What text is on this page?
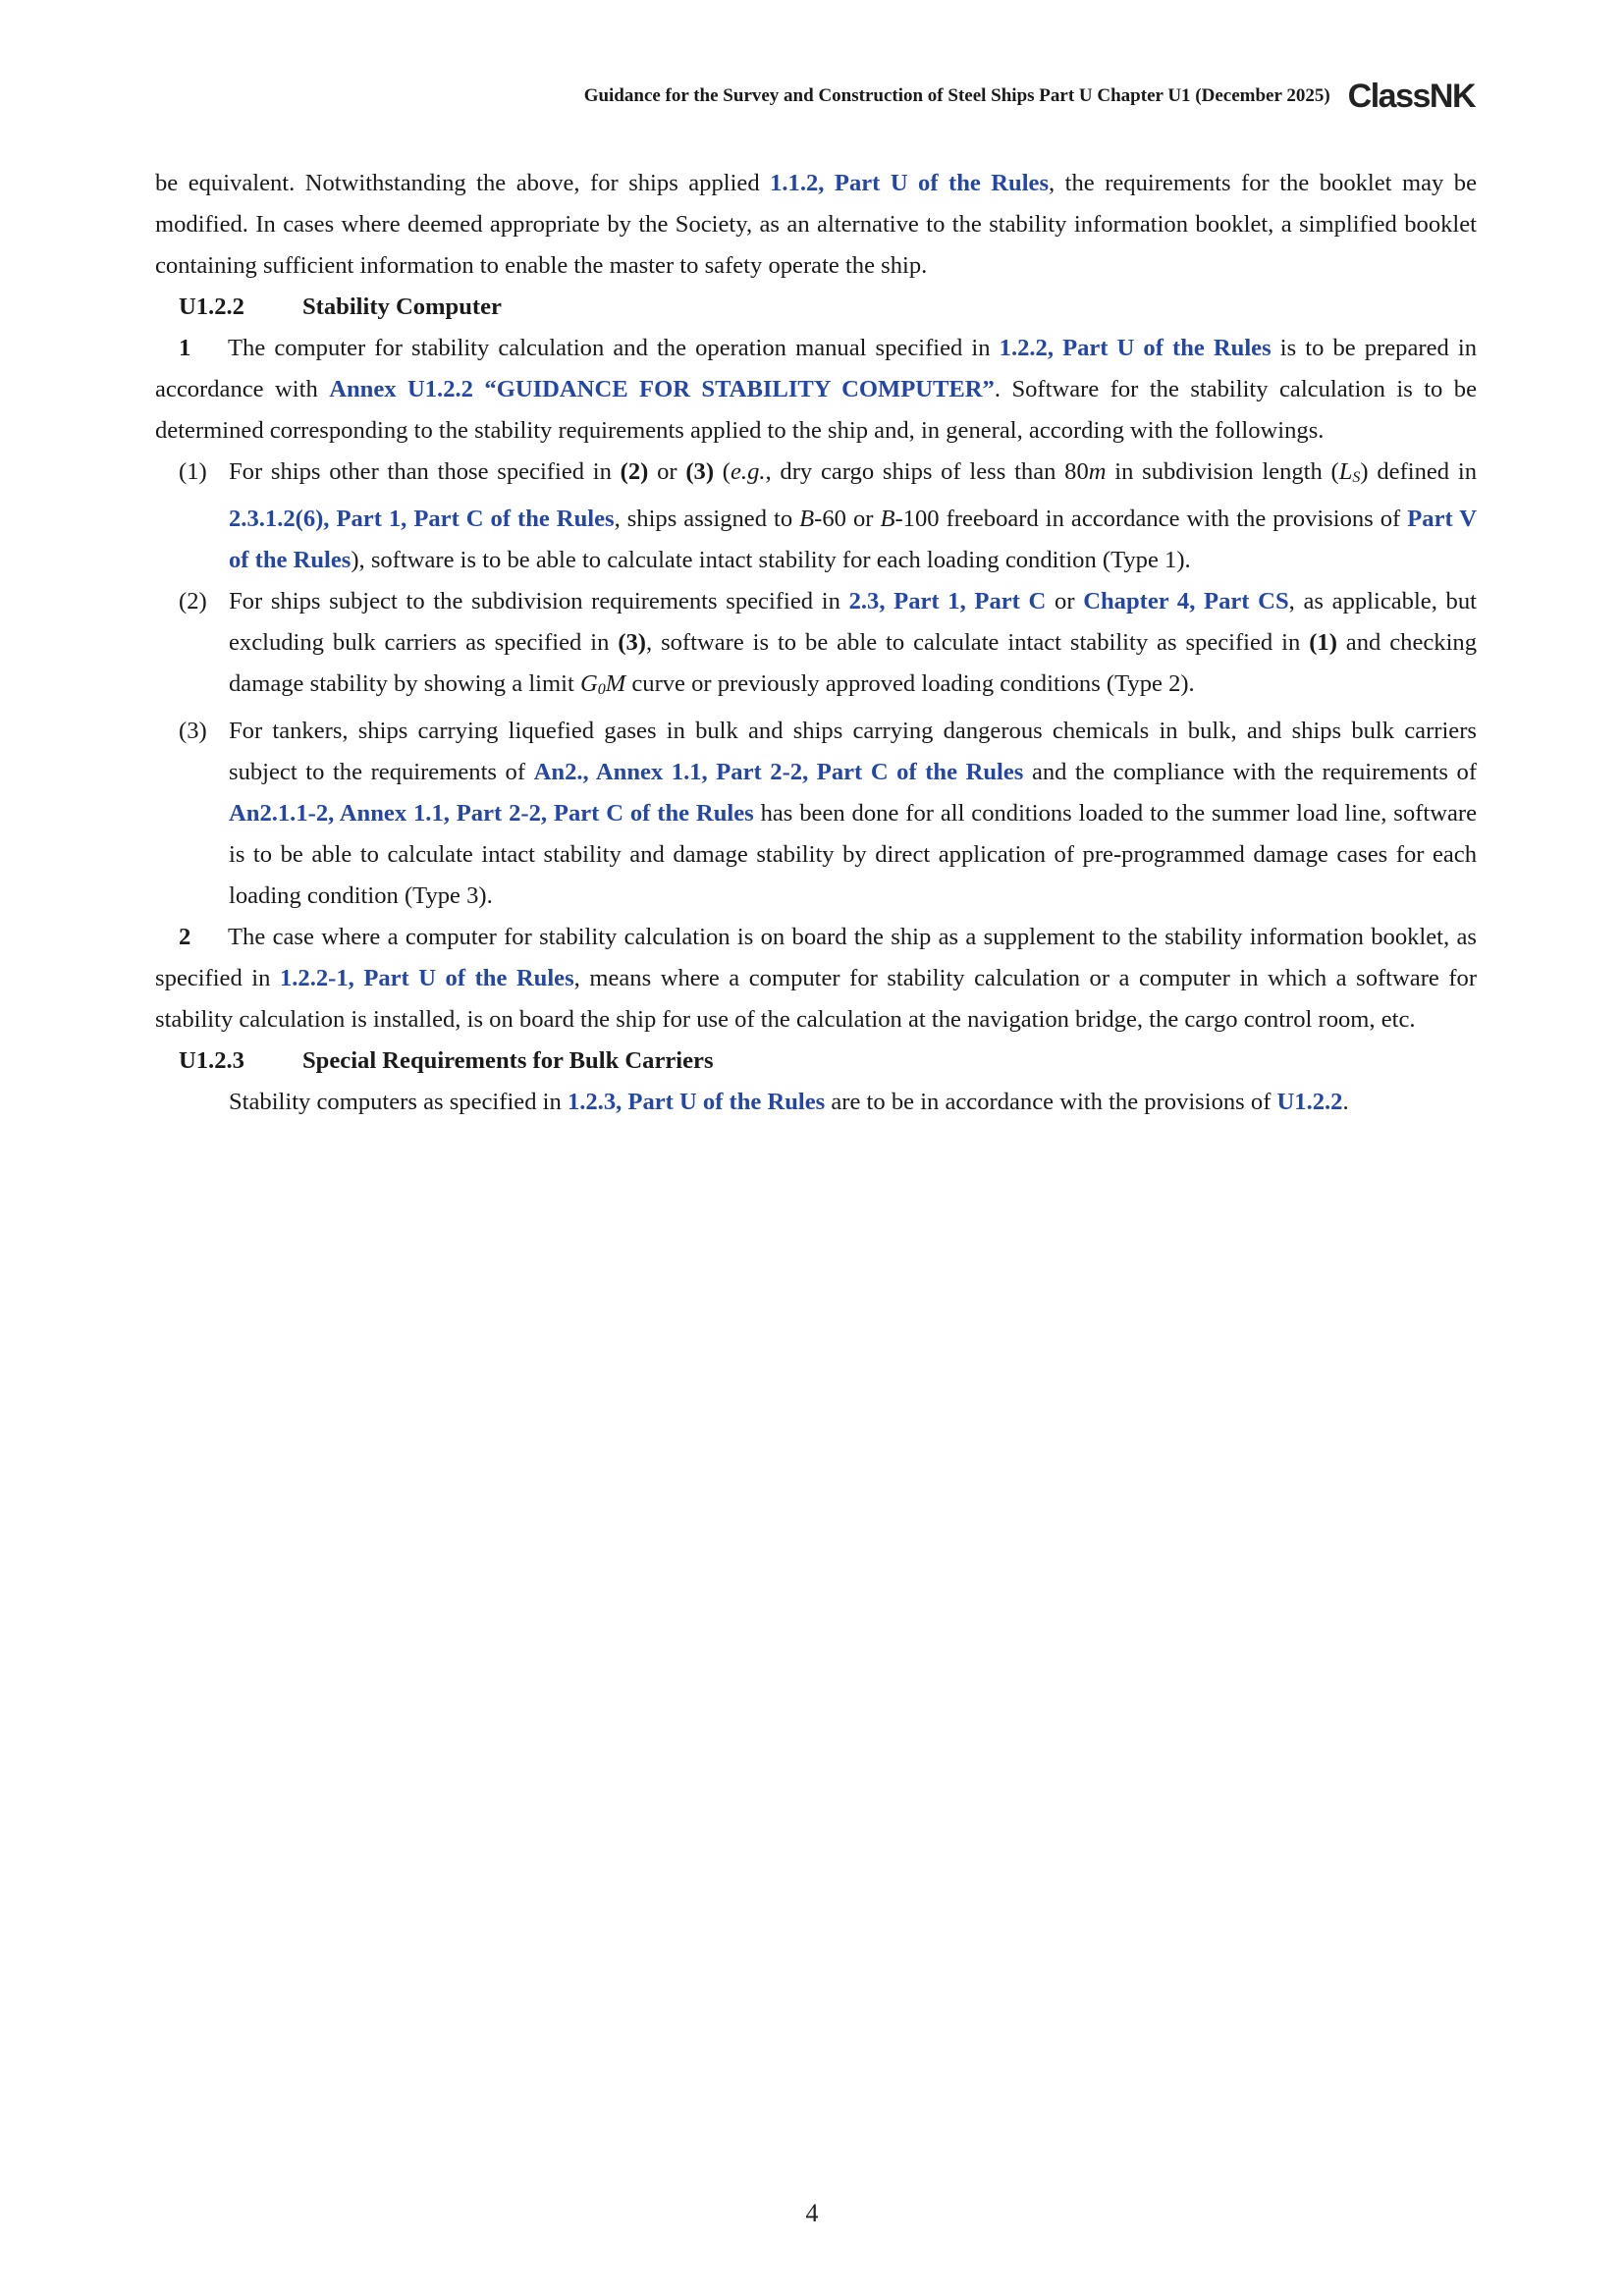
Guidance for the Survey and Construction of Steel Ships Part U Chapter U1 (December 2025) ClassNK

be equivalent. Notwithstanding the above, for ships applied 1.1.2, Part U of the Rules, the requirements for the booklet may be modified. In cases where deemed appropriate by the Society, as an alternative to the stability information booklet, a simplified booklet containing sufficient information to enable the master to safety operate the ship.

U1.2.2	Stability Computer

1 The computer for stability calculation and the operation manual specified in 1.2.2, Part U of the Rules is to be prepared in accordance with Annex U1.2.2 “GUIDANCE FOR STABILITY COMPUTER”. Software for the stability calculation is to be determined corresponding to the stability requirements applied to the ship and, in general, according with the followings.

(1) For ships other than those specified in (2) or (3) (e.g., dry cargo ships of less than 80m in subdivision length $(L_S)$ defined in 2.3.1.2(6), Part 1, Part C of the Rules, ships assigned to B-60 or B-100 freeboard in accordance with the provisions of Part V of the Rules), software is to be able to calculate intact stability for each loading condition (Type 1).

(2) For ships subject to the subdivision requirements specified in 2.3, Part 1, Part C or Chapter 4, Part CS, as applicable, but excluding bulk carriers as specified in (3), software is to be able to calculate intact stability as specified in (1) and checking damage stability by showing a limit $G_0M$ curve or previously approved loading conditions (Type 2).

(3) For tankers, ships carrying liquefied gases in bulk and ships carrying dangerous chemicals in bulk, and ships bulk carriers subject to the requirements of An2., Annex 1.1, Part 2-2, Part C of the Rules and the compliance with the requirements of An2.1.1-2, Annex 1.1, Part 2-2, Part C of the Rules has been done for all conditions loaded to the summer load line, software is to be able to calculate intact stability and damage stability by direct application of pre-programmed damage cases for each loading condition (Type 3).

2 The case where a computer for stability calculation is on board the ship as a supplement to the stability information booklet, as specified in 1.2.2-1, Part U of the Rules, means where a computer for stability calculation or a computer in which a software for stability calculation is installed, is on board the ship for use of the calculation at the navigation bridge, the cargo control room, etc.

U1.2.3	Special Requirements for Bulk Carriers

Stability computers as specified in 1.2.3, Part U of the Rules are to be in accordance with the provisions of U1.2.2.

4
